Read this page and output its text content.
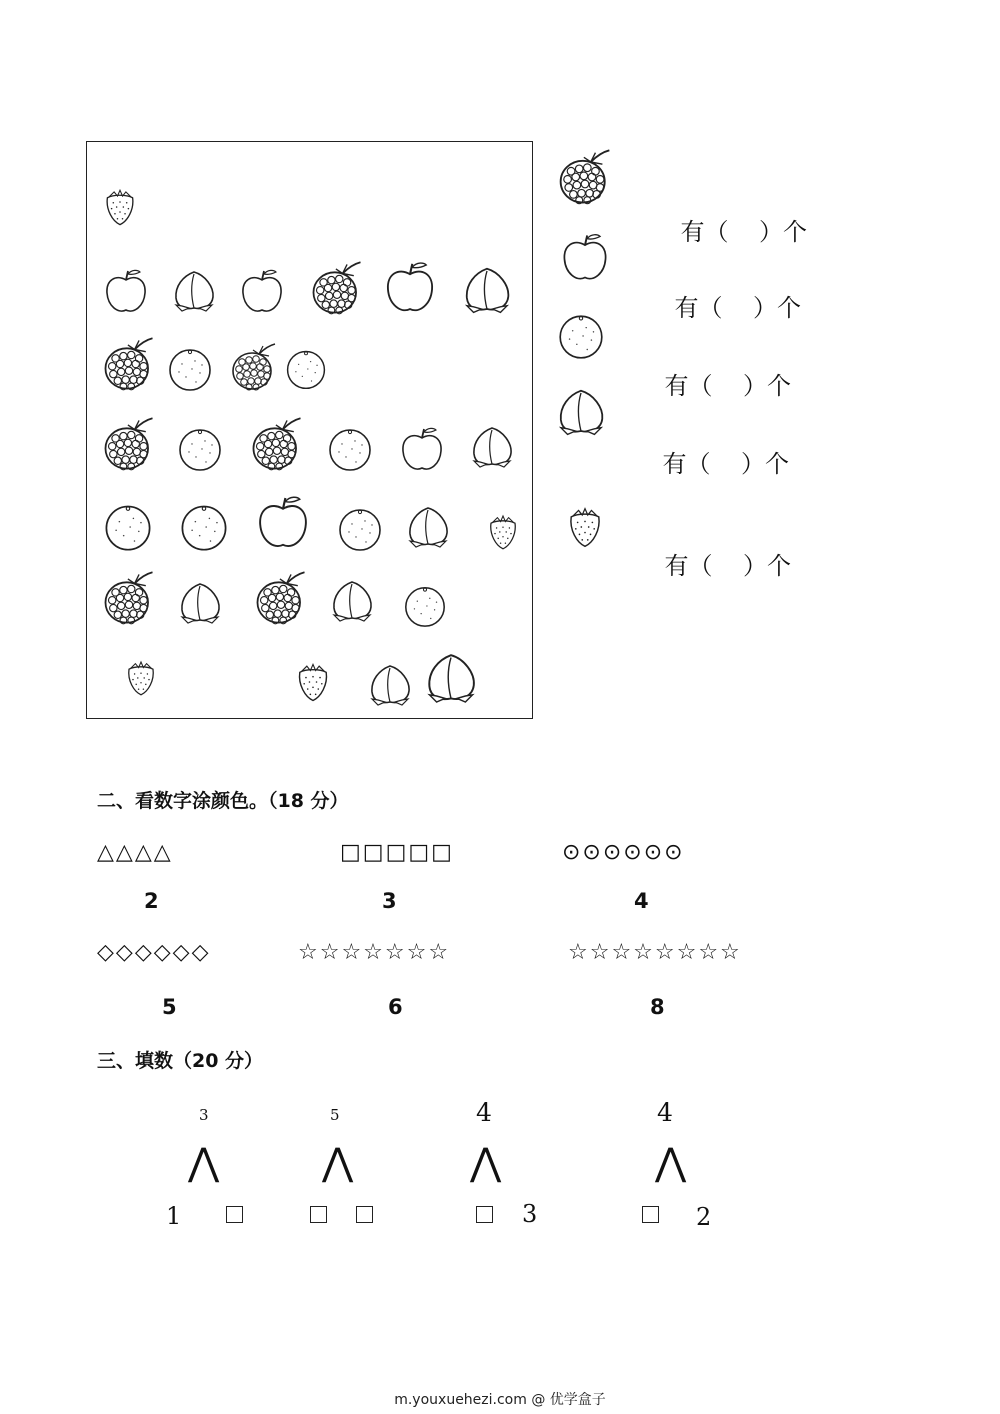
有（ ）个

有（ ）个

有（ ）个

有（ ）个

有（ ）个

二、看数字涂颜色。（18 分）
△△△△
2
□□□□□
3
⊙⊙⊙⊙⊙⊙
4
◇◇◇◇◇◇
5
☆☆☆☆☆☆☆
6
☆☆☆☆☆☆☆☆
8
三、填数（20 分）
3
⋀
1
5
⋀
4
⋀
3
4
⋀
2
m.youxuehezi.com @ 优学盒子
